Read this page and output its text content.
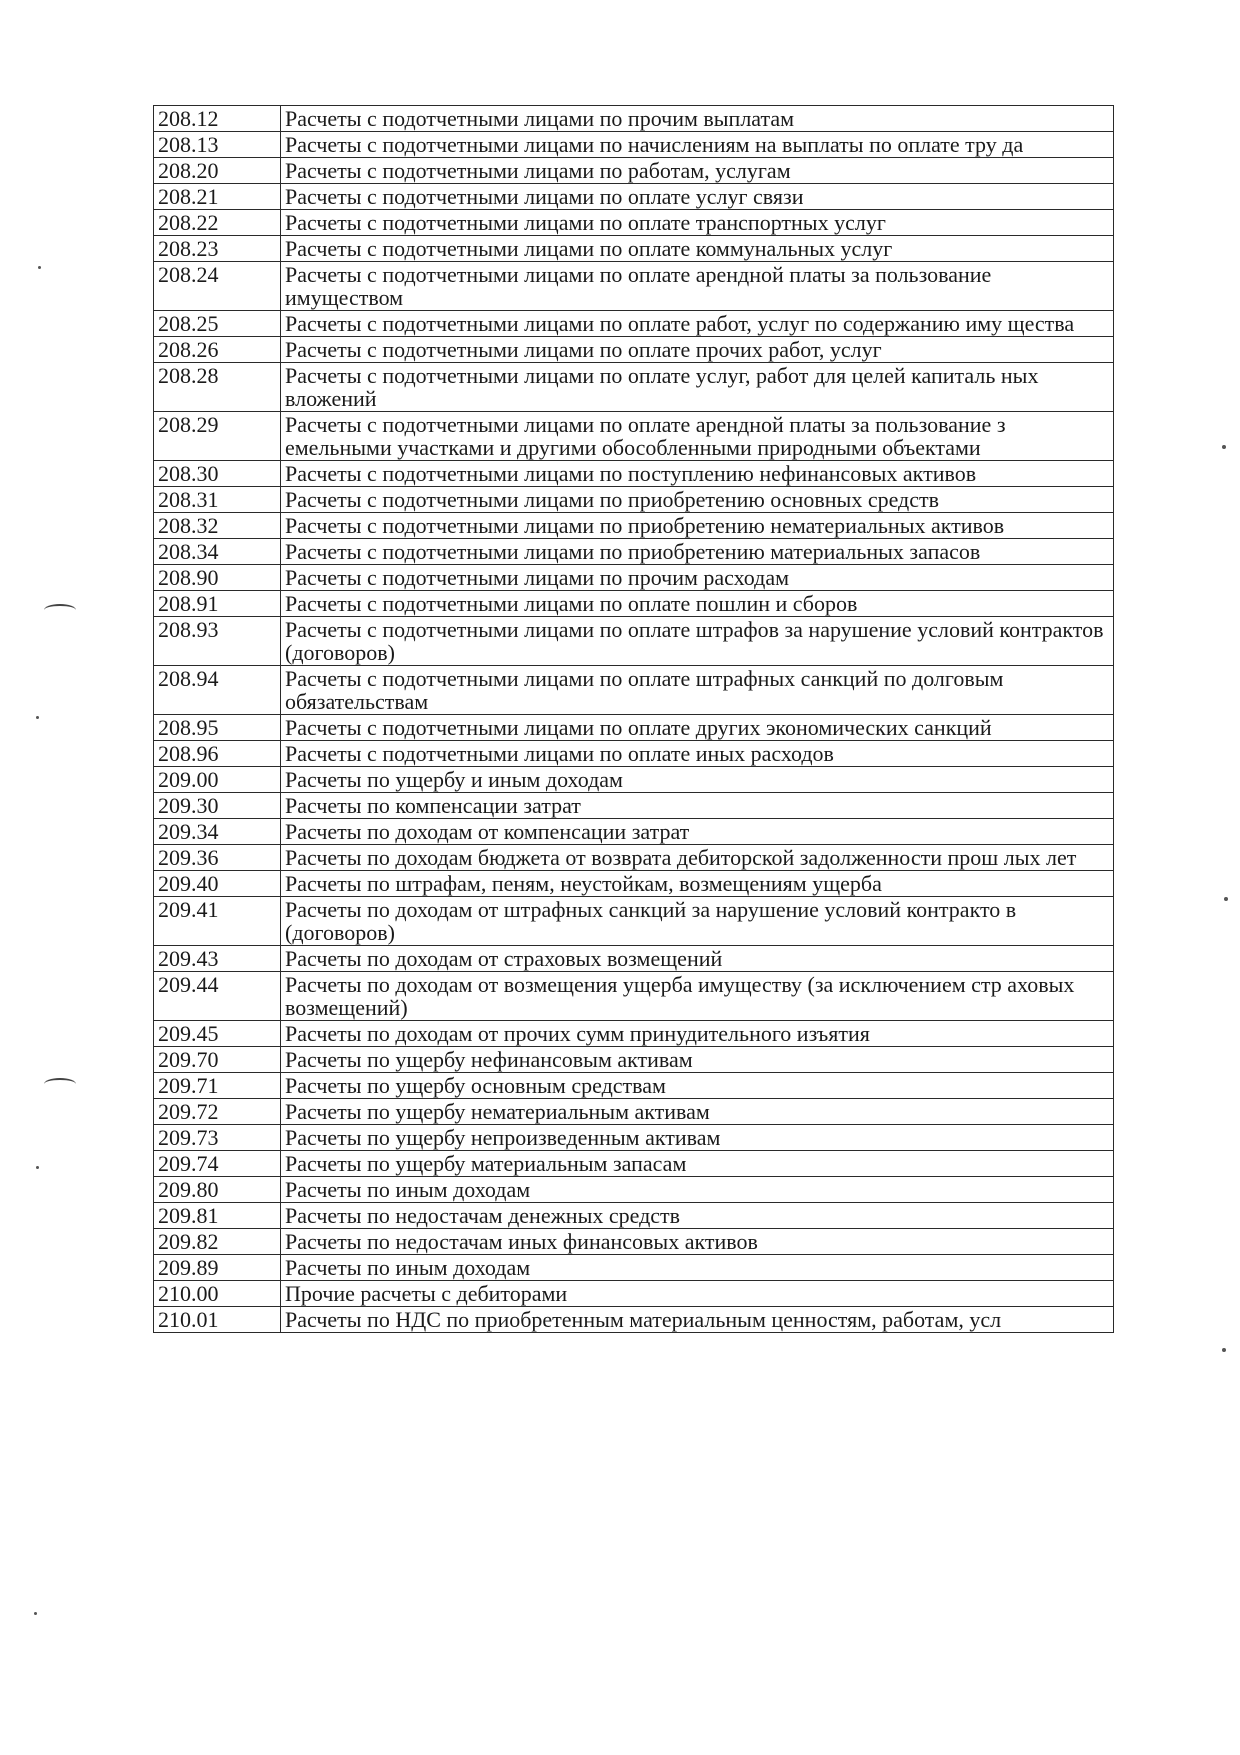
208.12	Расчеты с подотчетными лицами по прочим выплатам
208.13	Расчеты с подотчетными лицами по начислениям на выплаты по оплате тру да
208.20	Расчеты с подотчетными лицами по работам, услугам
208.21	Расчеты с подотчетными лицами по оплате услуг связи
208.22	Расчеты с подотчетными лицами по оплате транспортных услуг
208.23	Расчеты с подотчетными лицами по оплате коммунальных услуг
208.24	Расчеты с подотчетными лицами по оплате арендной платы за пользование имуществом
208.25	Расчеты с подотчетными лицами по оплате работ, услуг по содержанию иму щества
208.26	Расчеты с подотчетными лицами по оплате прочих работ, услуг
208.28	Расчеты с подотчетными лицами по оплате услуг, работ для целей капиталь ных вложений
208.29	Расчеты с подотчетными лицами по оплате арендной платы за пользование з емельными участками и другими обособленными природными объектами
208.30	Расчеты с подотчетными лицами по поступлению нефинансовых активов
208.31	Расчеты с подотчетными лицами по приобретению основных средств
208.32	Расчеты с подотчетными лицами по приобретению нематериальных активов
208.34	Расчеты с подотчетными лицами по приобретению материальных запасов
208.90	Расчеты с подотчетными лицами по прочим расходам
208.91	Расчеты с подотчетными лицами по оплате пошлин и сборов
208.93	Расчеты с подотчетными лицами по оплате штрафов за нарушение условий контрактов (договоров)
208.94	Расчеты с подотчетными лицами по оплате штрафных санкций по долговым обязательствам
208.95	Расчеты с подотчетными лицами по оплате других экономических санкций
208.96	Расчеты с подотчетными лицами по оплате иных расходов
209.00	Расчеты по ущербу и иным доходам
209.30	Расчеты по компенсации затрат
209.34	Расчеты по доходам от компенсации затрат
209.36	Расчеты по доходам бюджета от возврата дебиторской задолженности прош лых лет
209.40	Расчеты по штрафам, пеням, неустойкам, возмещениям ущерба
209.41	Расчеты по доходам от штрафных санкций за нарушение условий контракто в (договоров)
209.43	Расчеты по доходам от страховых возмещений
209.44	Расчеты по доходам от возмещения ущерба имуществу (за исключением стр аховых возмещений)
209.45	Расчеты по доходам от прочих сумм принудительного изъятия
209.70	Расчеты по ущербу нефинансовым активам
209.71	Расчеты по ущербу основным средствам
209.72	Расчеты по ущербу нематериальным активам
209.73	Расчеты по ущербу непроизведенным активам
209.74	Расчеты по ущербу материальным запасам
209.80	Расчеты по иным доходам
209.81	Расчеты по недостачам денежных средств
209.82	Расчеты по недостачам иных финансовых активов
209.89	Расчеты по иным доходам
210.00	Прочие расчеты с дебиторами
210.01	Расчеты по НДС по приобретенным материальным ценностям, работам, усл
